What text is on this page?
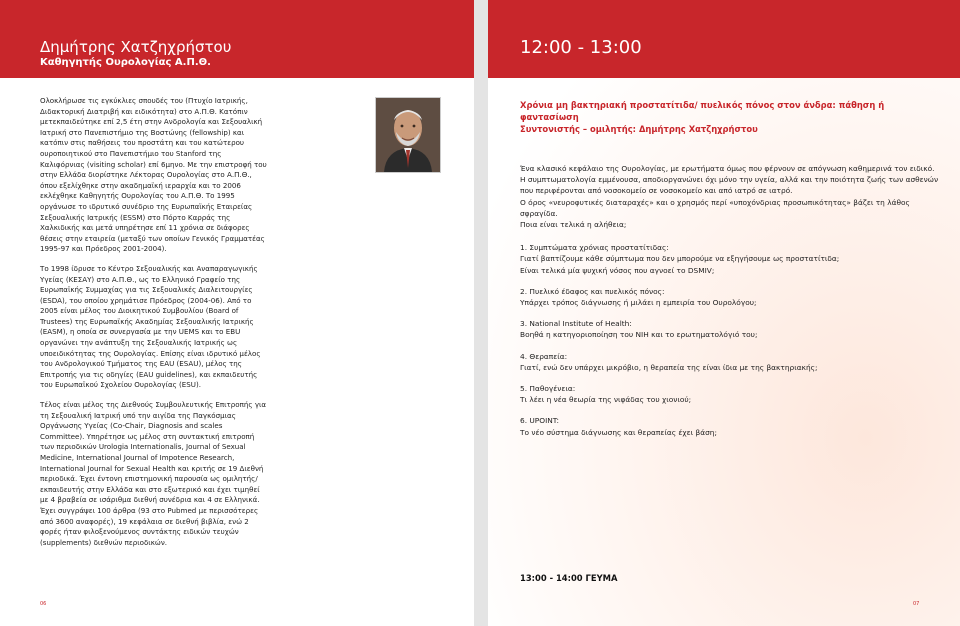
Δημήτρης Χατζηχρήστου
Καθηγητής Ουρολογίας Α.Π.Θ.

Ολοκλήρωσε τις εγκύκλιες σπουδές του (Πτυχίο Ιατρικής, Διδακτορική Διατριβή και ειδικότητα) στο Α.Π.Θ. Κατόπιν μετεκπαιδεύτηκε επί 2,5 έτη στην Ανδρολογία και Σεξουαλική Ιατρική στο Πανεπιστήμιο της Βοστώνης (fellowship) και κατόπιν στις παθήσεις του προστάτη και του κατώτερου ουροποιητικού στο Πανεπιστήμιο του Stanford της Καλιφόρνιας (visiting scholar) επί 6μηνο. Με την επιστροφή του στην Ελλάδα διορίστηκε Λέκτορας Ουρολογίας στο Α.Π.Θ., όπου εξελίχθηκε στην ακαδημαϊκή ιεραρχία και το 2006 εκλέχθηκε Καθηγητής Ουρολογίας του Α.Π.Θ. Το 1995 οργάνωσε το ιδρυτικό συνέδριο της Ευρωπαϊκής Εταιρείας Σεξουαλικής Ιατρικής (ESSM) στο Πόρτο Καρράς της Χαλκιδικής και μετά υπηρέτησε επί 11 χρόνια σε διάφορες θέσεις στην εταιρεία (μεταξύ των οποίων Γενικός Γραμματέας 1995-97 και Πρόεδρος 2001-2004).

Το 1998 ίδρυσε το Κέντρο Σεξουαλικής και Αναπαραγωγικής Υγείας (ΚΕΣΑΥ) στο Α.Π.Θ., ως το Ελληνικό Γραφείο της Ευρωπαϊκής Συμμαχίας για τις Σεξουαλικές Διαλειτουργίες (ESDA), του οποίου χρημάτισε Πρόεδρος (2004-06). Από το 2005 είναι μέλος του Διοικητικού Συμβουλίου (Board of Trustees) της Ευρωπαϊκής Ακαδημίας Σεξουαλικής Ιατρικής (EASM), η οποία σε συνεργασία με την UEMS και το EBU οργανώνει την ανάπτυξη της Σεξουαλικής Ιατρικής ως υποειδικότητας της Ουρολογίας. Επίσης είναι ιδρυτικό μέλος του Ανδρολογικού Τμήματος της EAU (ESAU), μέλος της Επιτροπής για τις οδηγίες (EAU guidelines), και εκπαιδευτής του Ευρωπαϊκού Σχολείου Ουρολογίας (ESU).

Τέλος είναι μέλος της Διεθνούς Συμβουλευτικής Επιτροπής για τη Σεξουαλική Ιατρική υπό την αιγίδα της Παγκόσμιας Οργάνωσης Υγείας (Co-Chair, Diagnosis and scales Committee). Υπηρέτησε ως μέλος στη συντακτική επιτροπή των περιοδικών Urologia Internationalis, Journal of Sexual Medicine, International Journal of Impotence Research, International Journal for Sexual Health και κριτής σε 19 Διεθνή περιοδικά. Έχει έντονη επιστημονική παρουσία ως ομιλητής/εκπαιδευτής στην Ελλάδα και στο εξωτερικό και έχει τιμηθεί με 4 βραβεία σε ισάριθμα διεθνή συνέδρια και 4 σε Ελληνικά. Έχει συγγράψει 100 άρθρα (93 στο Pubmed με περισσότερες από 3600 αναφορές), 19 κεφάλαια σε διεθνή βιβλία, ενώ 2 φορές ήταν φιλοξενούμενος συντάκτης ειδικών τευχών (supplements) διεθνών περιοδικών.

06
12:00 - 13:00
Χρόνια μη βακτηριακή προστατίτιδα/ πυελικός πόνος στον άνδρα: πάθηση ή φαντασίωση
Συντονιστής – ομιλητής: Δημήτρης Χατζηχρήστου

Ένα κλασικό κεφάλαιο της Ουρολογίας, με ερωτήματα όμως που φέρνουν σε απόγνωση καθημερινά τον ειδικό.

Η συμπτωματολογία εμμένουσα, αποδιοργανώνει όχι μόνο την υγεία, αλλά και την ποιότητα ζωής των ασθενών

που περιφέρονται από νοσοκομείο σε νοσοκομείο και από ιατρό σε ιατρό.

Ο όρος «νευροφυτικές διαταραχές» και ο χρησμός περί «υποχόνδριας προσωπικότητας» βάζει τη λάθος σφραγίδα.

Ποια είναι τελικά η αλήθεια;

1. Συμπτώματα χρόνιας προστατίτιδας:

Γιατί βαπτίζουμε κάθε σύμπτωμα που δεν μπορούμε να εξηγήσουμε ως προστατίτιδα;

Είναι τελικά μία ψυχική νόσος που αγνοεί το DSMIV;

2. Πυελικό έδαφος και πυελικός πόνος:

Υπάρχει τρόπος διάγνωσης ή μιλάει η εμπειρία του Ουρολόγου;

3. National Institute of Health:

Βοηθά η κατηγοριοποίηση του NIH και το ερωτηματολόγιό του;

4. Θεραπεία:

Γιατί, ενώ δεν υπάρχει μικρόβιο, η θεραπεία της είναι ίδια με της βακτηριακής;

5. Παθογένεια:

Τι λέει η νέα θεωρία της νιφάδας του χιονιού;

6. UPOINT:

Το νέο σύστημα διάγνωσης και θεραπείας έχει βάση;

13:00 - 14:00 ΓΕΥΜΑ
07
